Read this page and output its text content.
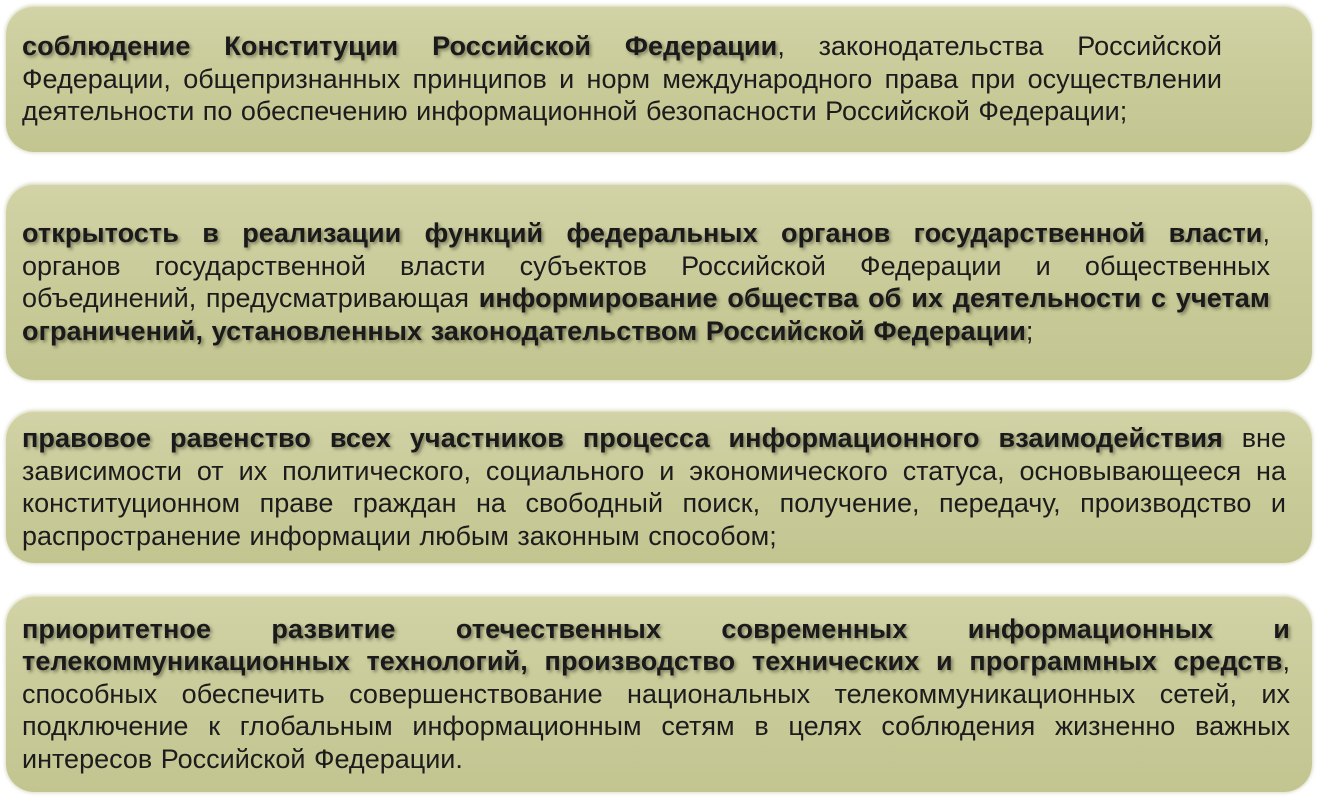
соблюдение Конституции Российской Федерации, законодательства Российской Федерации, общепризнанных принципов и норм международного права при осуществлении деятельности по обеспечению информационной безопасности Российской Федерации;

открытость в реализации функций федеральных органов государственной власти, органов государственной власти субъектов Российской Федерации и общественных объединений, предусматривающая информирование общества об их деятельности с учетам ограничений, установленных законодательством Российской Федерации;

правовое равенство всех участников процесса информационного взаимодействия вне зависимости от их политического, социального и экономического статуса, основывающееся на конституционном праве граждан на свободный поиск, получение, передачу, производство и распространение информации любым законным способом;

приоритетное развитие отечественных современных информационных и телекоммуникационных технологий, производство технических и программных средств, способных обеспечить совершенствование национальных телекоммуникационных сетей, их подключение к глобальным информационным сетям в целях соблюдения жизненно важных интересов Российской Федерации.
